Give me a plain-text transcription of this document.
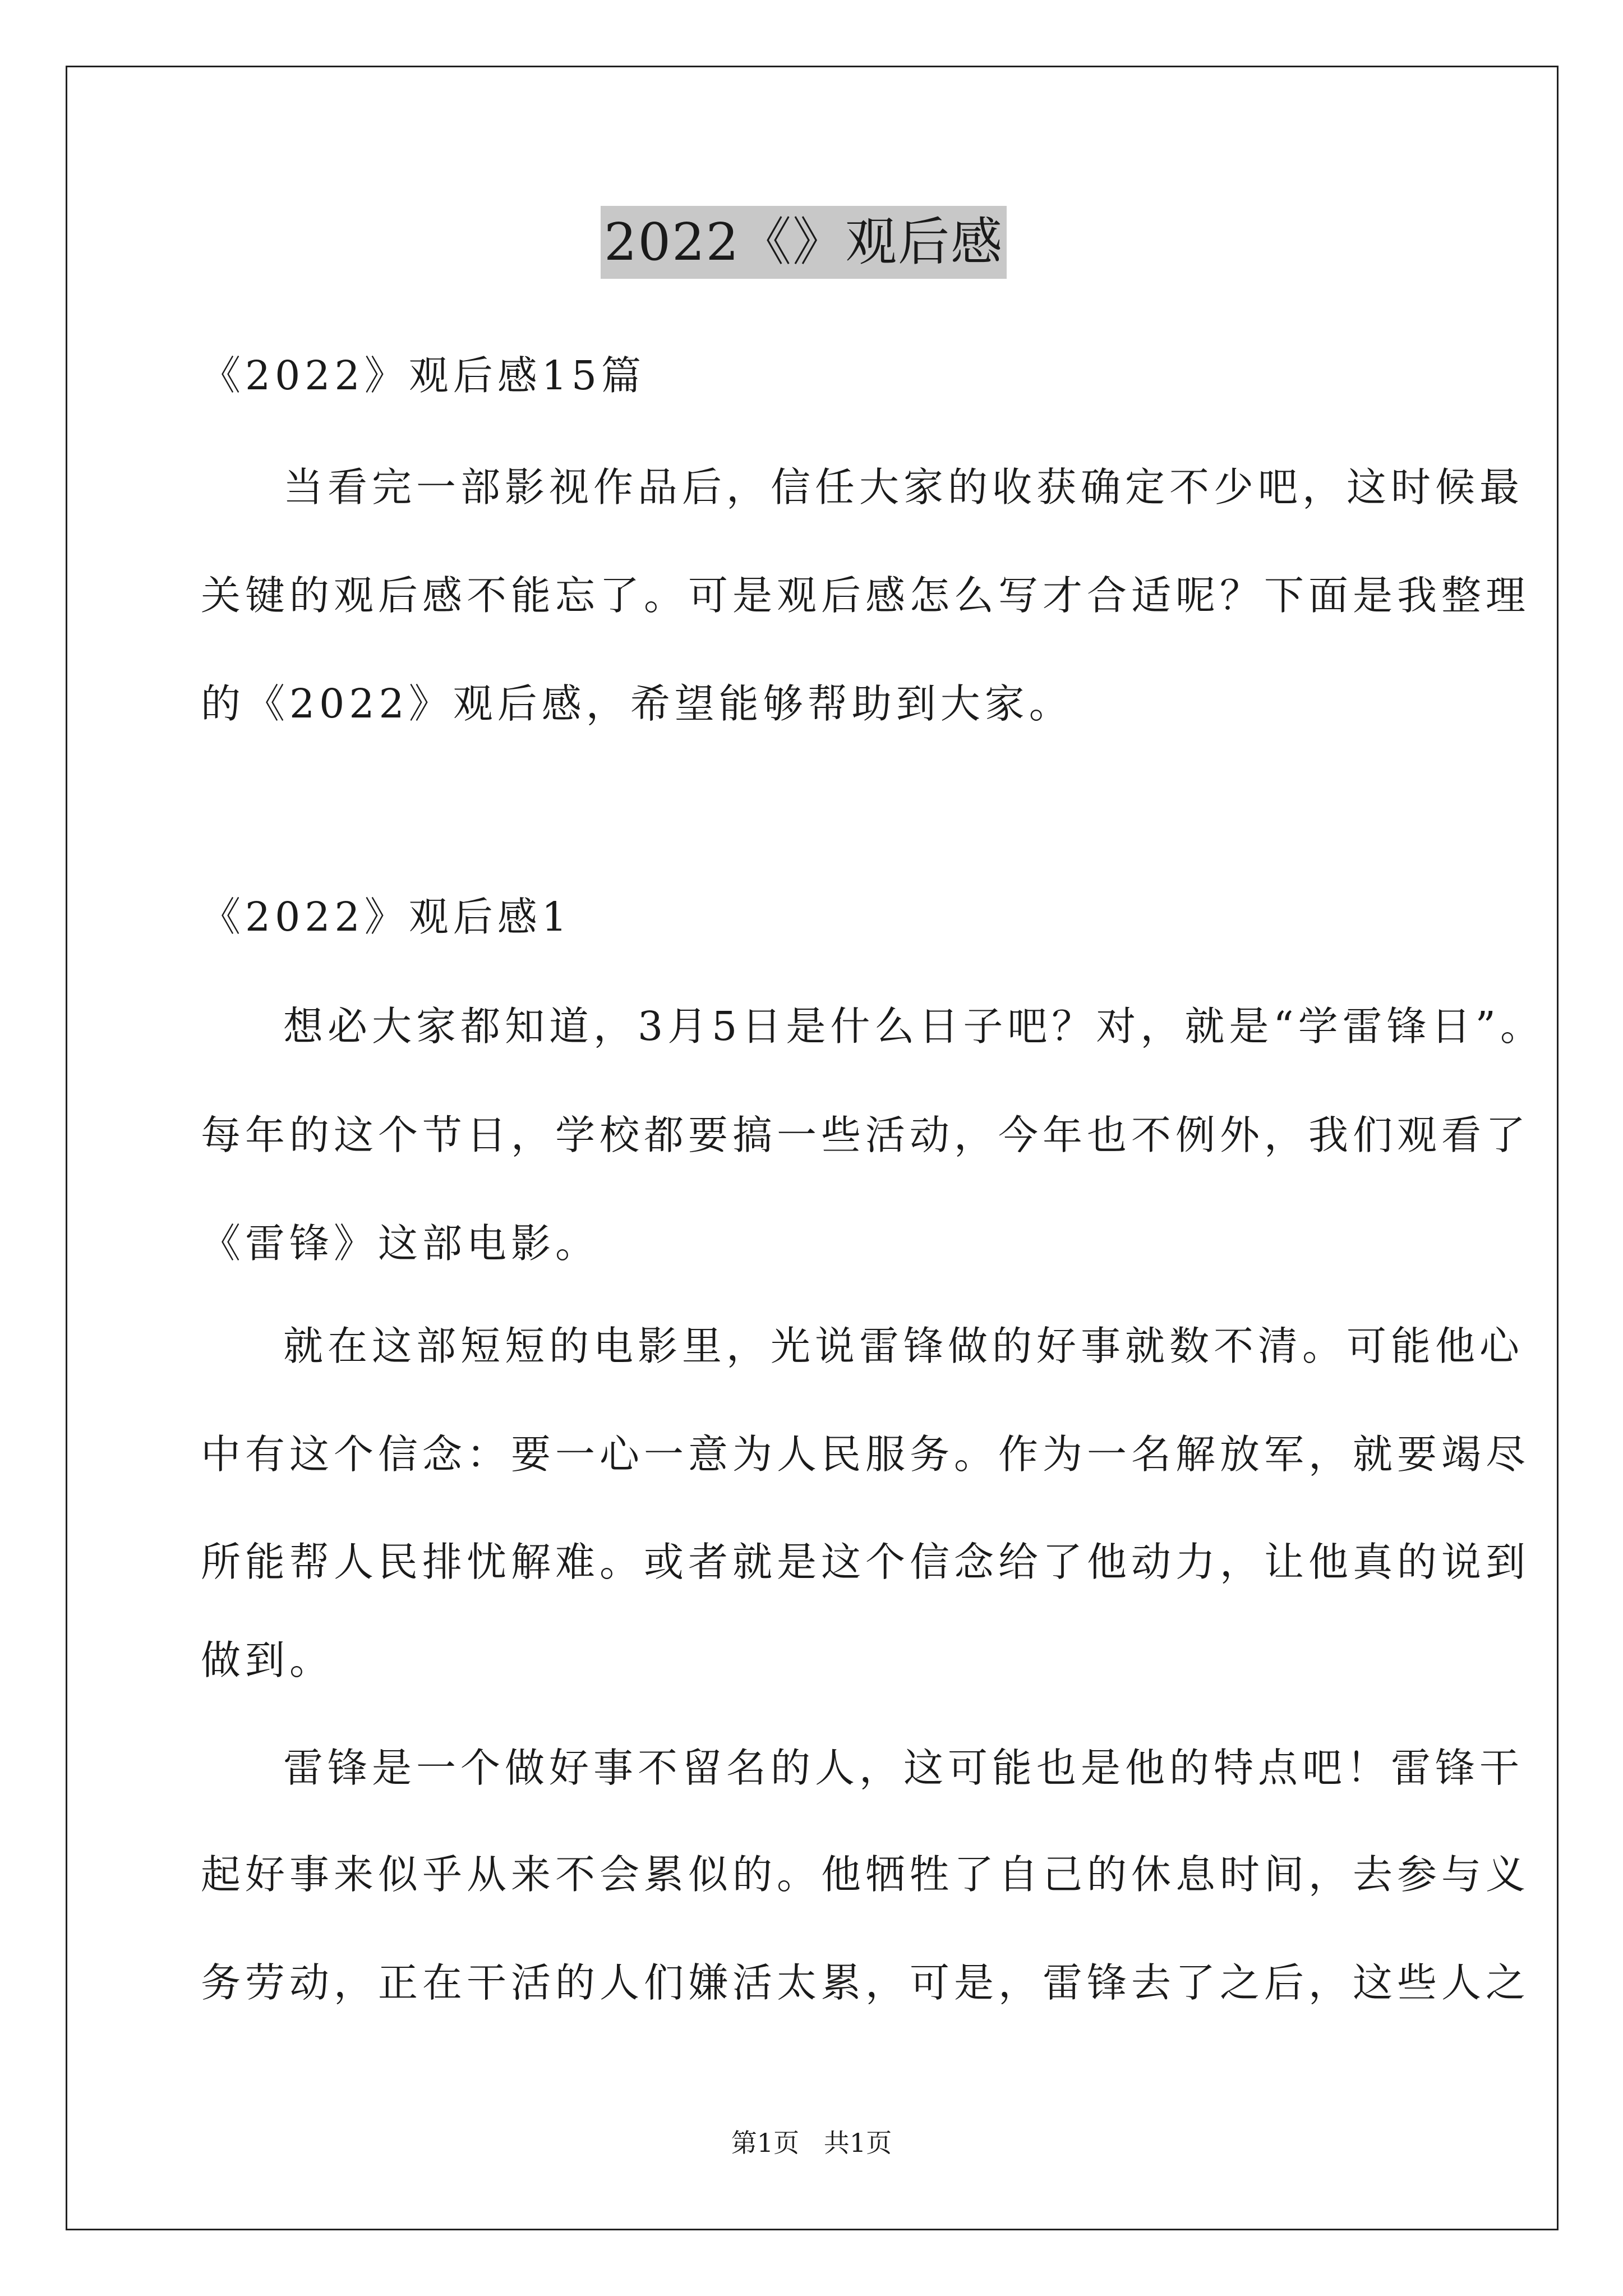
2022《》观后感
《2022》观后感15篇
当看完一部影视作品后，信任大家的收获确定不少吧，这时候最
关键的观后感不能忘了。可是观后感怎么写才合适呢？下面是我整理
的《2022》观后感，希望能够帮助到大家。
《2022》观后感1
想必大家都知道，3月5日是什么日子吧？对，就是“学雷锋日”。
每年的这个节日，学校都要搞一些活动，今年也不例外，我们观看了
《雷锋》这部电影。
就在这部短短的电影里，光说雷锋做的好事就数不清。可能他心
中有这个信念：要一心一意为人民服务。作为一名解放军，就要竭尽
所能帮人民排忧解难。或者就是这个信念给了他动力，让他真的说到
做到。
雷锋是一个做好事不留名的人，这可能也是他的特点吧！雷锋干
起好事来似乎从来不会累似的。他牺牲了自己的休息时间，去参与义
务劳动，正在干活的人们嫌活太累，可是，雷锋去了之后，这些人之
第1页   共1页
